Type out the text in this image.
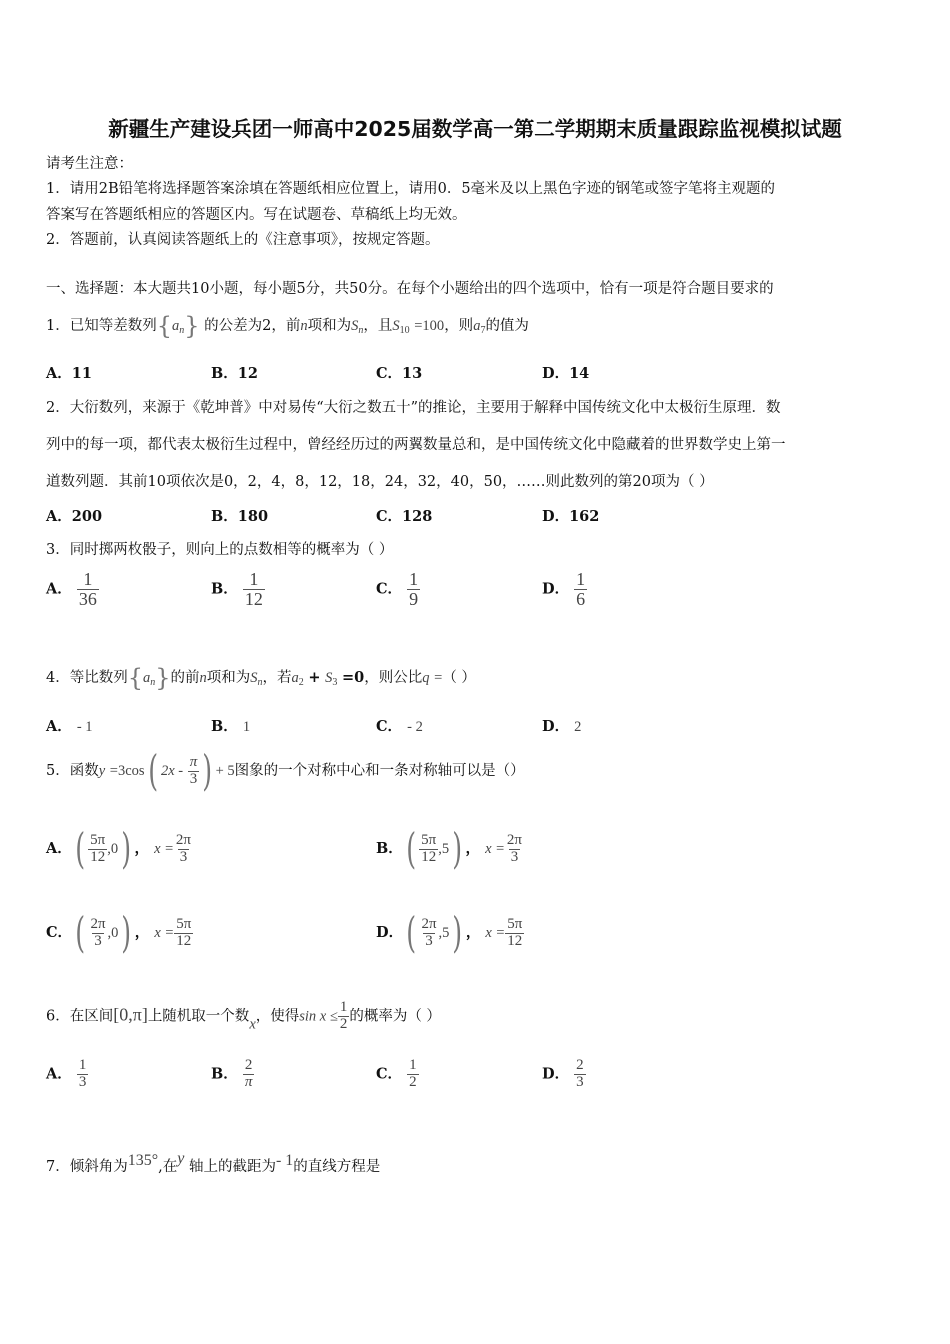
新疆生产建设兵团一师高中2025届数学高一第二学期期末质量跟踪监视模拟试题
请考生注意：
1．请用2B铅笔将选择题答案涂填在答题纸相应位置上，请用0．5毫米及以上黑色字迹的钢笔或签字笔将主观题的
答案写在答题纸相应的答题区内。写在试题卷、草稿纸上均无效。
2．答题前，认真阅读答题纸上的《注意事项》，按规定答题。
一、选择题：本大题共10小题，每小题5分，共50分。在每个小题给出的四个选项中，恰有一项是符合题目要求的
1．已知等差数列$\{a_n\}$ 的公差为2，前n项和为$S_n$，且$S_{10} =100$，则$a_7$的值为
A．11	B．12	C．13	D．14
2．大衍数列，来源于《乾坤普》中对易传“大衍之数五十”的推论，主要用于解释中国传统文化中太极衍生原理．数
列中的每一项，都代表太极衍生过程中，曾经经历过的两翼数量总和，是中国传统文化中隐藏着的世界数学史上第一
道数列题．其前10项依次是0，2，4，8，12，18，24，32，40，50，……则此数列的第20项为（ ）
A．200	B．180	C．128	D．162
3．同时掷两枚骰子，则向上的点数相等的概率为（ ）
A． $\frac{1}{36}$	B． $\frac{1}{12}$	C． $\frac{1}{9}$	D． $\frac{1}{6}$
4．等比数列$\{a_n\}$的前n项和为$S_n$，若$a_2 + S_3 =0$，则公比q =（ ）
A． - 1	B． 1	C． - 2	D． 2
5．函数y =3cos( $2x - \frac{\pi}{3}$ ) + 5图象的一个对称中心和一条对称轴可以是（）
A．( $\frac{5\pi}{12} ,0$) ， $x = \frac{2\pi}{3}$	B．( $\frac{5\pi}{12} ,5$) ， $x = \frac{2\pi}{3}$
C．( $\frac{2\pi}{3} ,0$) ， $x = \frac{5\pi}{12}$	D．( $\frac{2\pi}{3} ,5$) ， $x = \frac{5\pi}{12}$
6．在区间[0,π]上随机取一个数x，使得$\sin x \le \frac{1}{2}$ 的概率为（ ）
A． $\frac{1}{3}$	B． $\frac{2}{\pi}$	C． $\frac{1}{2}$	D． $\frac{2}{3}$
7．倾斜角为135°,在y 轴上的截距为- 1的直线方程是
